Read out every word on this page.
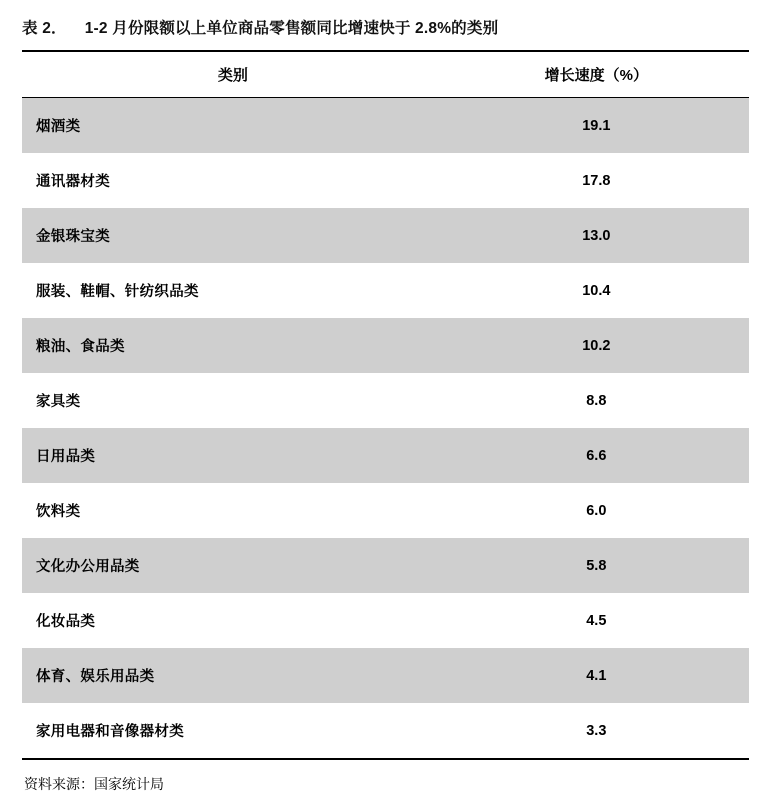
表 2． 1-2 月份限额以上单位商品零售额同比增速快于 2.8%的类别
类别	增长速度（%）
烟酒类	19.1
通讯器材类	17.8
金银珠宝类	13.0
服装、鞋帽、针纺织品类	10.4
粮油、食品类	10.2
家具类	8.8
日用品类	6.6
饮料类	6.0
文化办公用品类	5.8
化妆品类	4.5
体育、娱乐用品类	4.1
家用电器和音像器材类	3.3
资料来源：国家统计局
